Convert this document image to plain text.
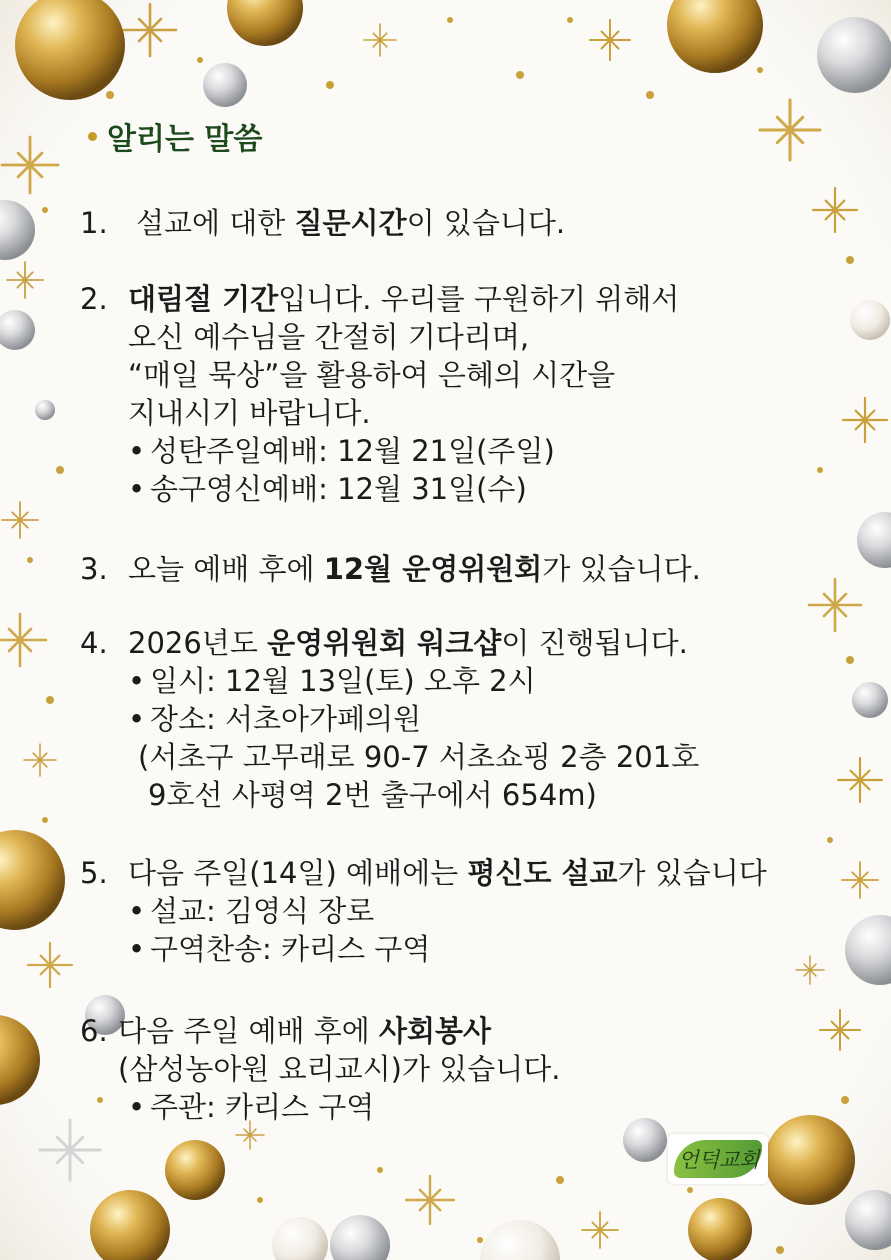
알리는 말씀
1. 설교에 대한 질문시간이 있습니다.
2. 대림절 기간입니다. 우리를 구원하기 위해서
오신 예수님을 간절히 기다리며,
“매일 묵상”을 활용하여 은혜의 시간을
지내시기 바랍니다.
• 성탄주일예배: 12월 21일(주일)
• 송구영신예배: 12월 31일(수)
3. 오늘 예배 후에 12월 운영위원회가 있습니다.
4. 2026년도 운영위원회 워크샵이 진행됩니다.
• 일시: 12월 13일(토) 오후 2시
• 장소: 서초아가페의원
(서초구 고무래로 90-7 서초쇼핑 2층 201호
9호선 사평역 2번 출구에서 654m)
5. 다음 주일(14일) 예배에는 평신도 설교가 있습니다
• 설교: 김영식 장로
• 구역찬송: 카리스 구역
6. 다음 주일 예배 후에 사회봉사
(삼성농아원 요리교시)가 있습니다.
• 주관: 카리스 구역
언덕교회
